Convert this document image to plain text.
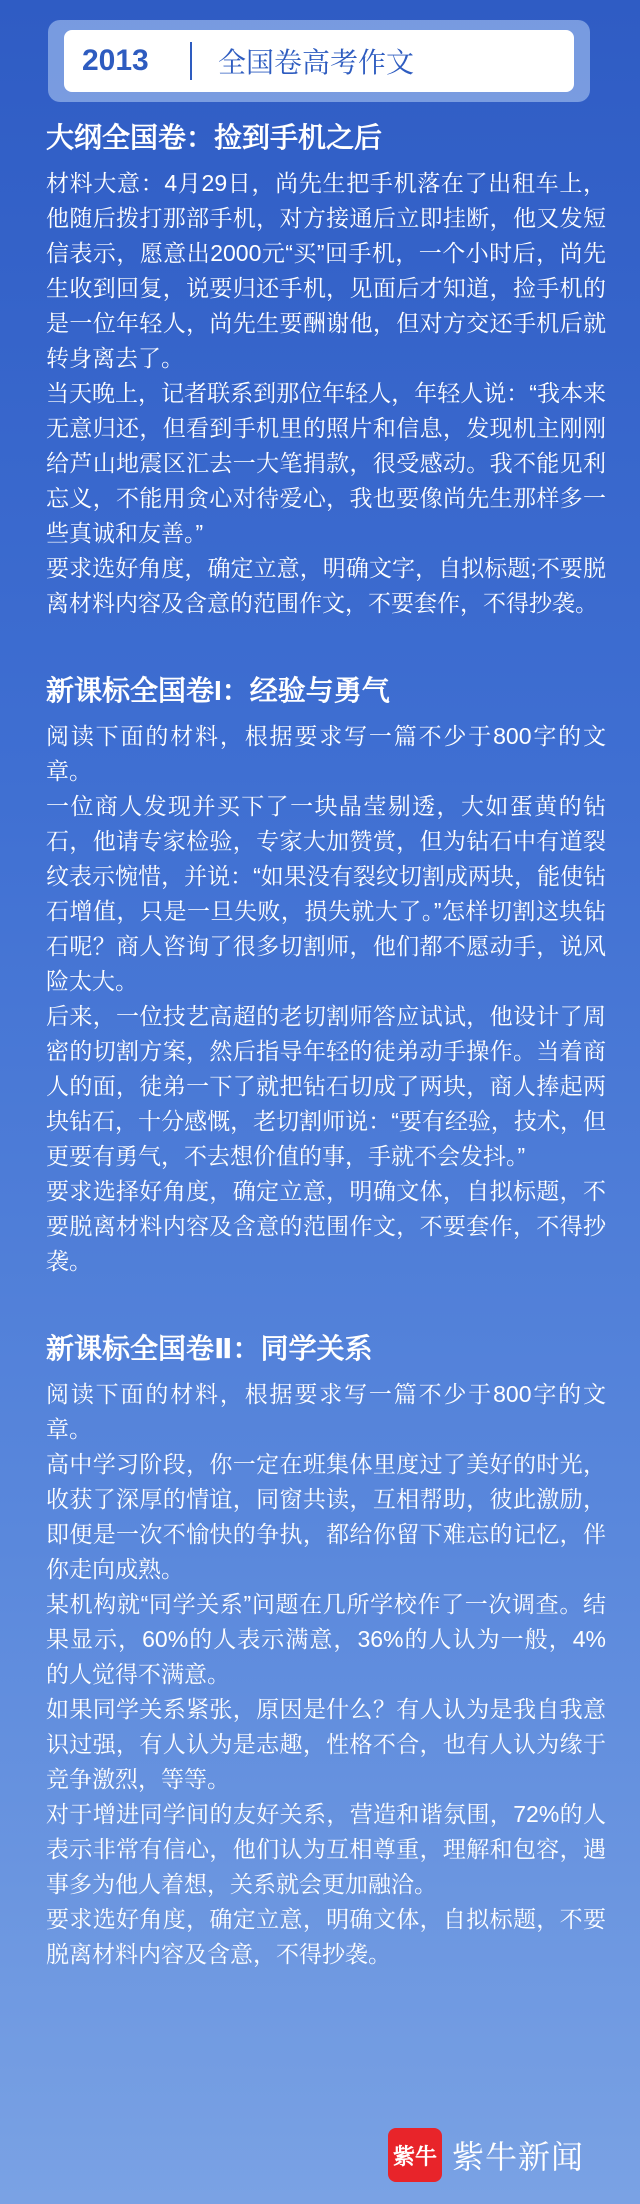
2013	全国卷高考作文
大纲全国卷：捡到手机之后

材料大意：4月29日，尚先生把手机落在了出租车上，他随后拨打那部手机，对方接通后立即挂断，他又发短信表示，愿意出2000元“买”回手机，一个小时后，尚先生收到回复，说要归还手机，见面后才知道，捡手机的是一位年轻人，尚先生要酬谢他，但对方交还手机后就转身离去了。

当天晚上，记者联系到那位年轻人，年轻人说：“我本来无意归还，但看到手机里的照片和信息，发现机主刚刚给芦山地震区汇去一大笔捐款，很受感动。我不能见利忘义，不能用贪心对待爱心，我也要像尚先生那样多一些真诚和友善。”

要求选好角度，确定立意，明确文字，自拟标题;不要脱离材料内容及含意的范围作文，不要套作，不得抄袭。

新课标全国卷I：经验与勇气

阅读下面的材料，根据要求写一篇不少于800字的文章。

一位商人发现并买下了一块晶莹剔透，大如蛋黄的钻石，他请专家检验，专家大加赞赏，但为钻石中有道裂纹表示惋惜，并说：“如果没有裂纹切割成两块，能使钻石增值，只是一旦失败，损失就大了。”怎样切割这块钻石呢？商人咨询了很多切割师，他们都不愿动手，说风险太大。

后来，一位技艺高超的老切割师答应试试，他设计了周密的切割方案，然后指导年轻的徒弟动手操作。当着商人的面，徒弟一下了就把钻石切成了两块，商人捧起两块钻石，十分感慨，老切割师说：“要有经验，技术，但更要有勇气，不去想价值的事，手就不会发抖。”

要求选择好角度，确定立意，明确文体，自拟标题，不要脱离材料内容及含意的范围作文，不要套作，不得抄袭。

新课标全国卷Ⅱ：同学关系

阅读下面的材料，根据要求写一篇不少于800字的文章。

高中学习阶段，你一定在班集体里度过了美好的时光，收获了深厚的情谊，同窗共读，互相帮助，彼此激励，即便是一次不愉快的争执，都给你留下难忘的记忆，伴你走向成熟。

某机构就“同学关系”问题在几所学校作了一次调查。结果显示，60%的人表示满意，36%的人认为一般，4%的人觉得不满意。

如果同学关系紧张，原因是什么？有人认为是我自我意识过强，有人认为是志趣，性格不合，也有人认为缘于竞争激烈，等等。

对于增进同学间的友好关系，营造和谐氛围，72%的人表示非常有信心，他们认为互相尊重，理解和包容，遇事多为他人着想，关系就会更加融洽。

要求选好角度，确定立意，明确文体，自拟标题，不要脱离材料内容及含意，不得抄袭。

紫牛 紫牛新闻
